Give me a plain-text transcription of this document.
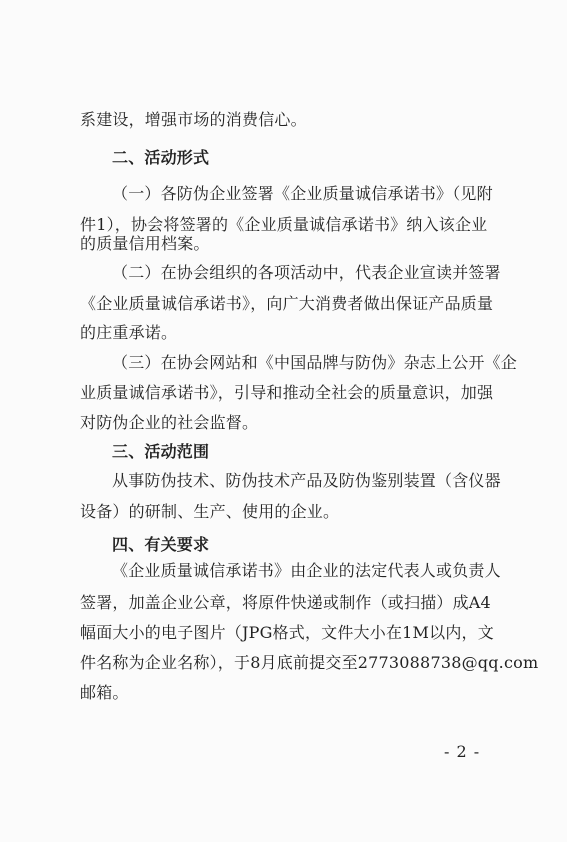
系建设，增强市场的消费信心。
二、活动形式
（一）各防伪企业签署《企业质量诚信承诺书》（见附
件1），协会将签署的《企业质量诚信承诺书》纳入该企业
的质量信用档案。
（二）在协会组织的各项活动中，代表企业宣读并签署
《企业质量诚信承诺书》，向广大消费者做出保证产品质量
的庄重承诺。
（三）在协会网站和《中国品牌与防伪》杂志上公开《企
业质量诚信承诺书》，引导和推动全社会的质量意识，加强
对防伪企业的社会监督。
三、活动范围
从事防伪技术、防伪技术产品及防伪鉴别装置（含仪器
设备）的研制、生产、使用的企业。
四、有关要求
《企业质量诚信承诺书》由企业的法定代表人或负责人
签署，加盖企业公章，将原件快递或制作（或扫描）成A4
幅面大小的电子图片（JPG格式，文件大小在1M以内，文
件名称为企业名称），于8月底前提交至2773088738@qq.com
邮箱。
- 2 -
